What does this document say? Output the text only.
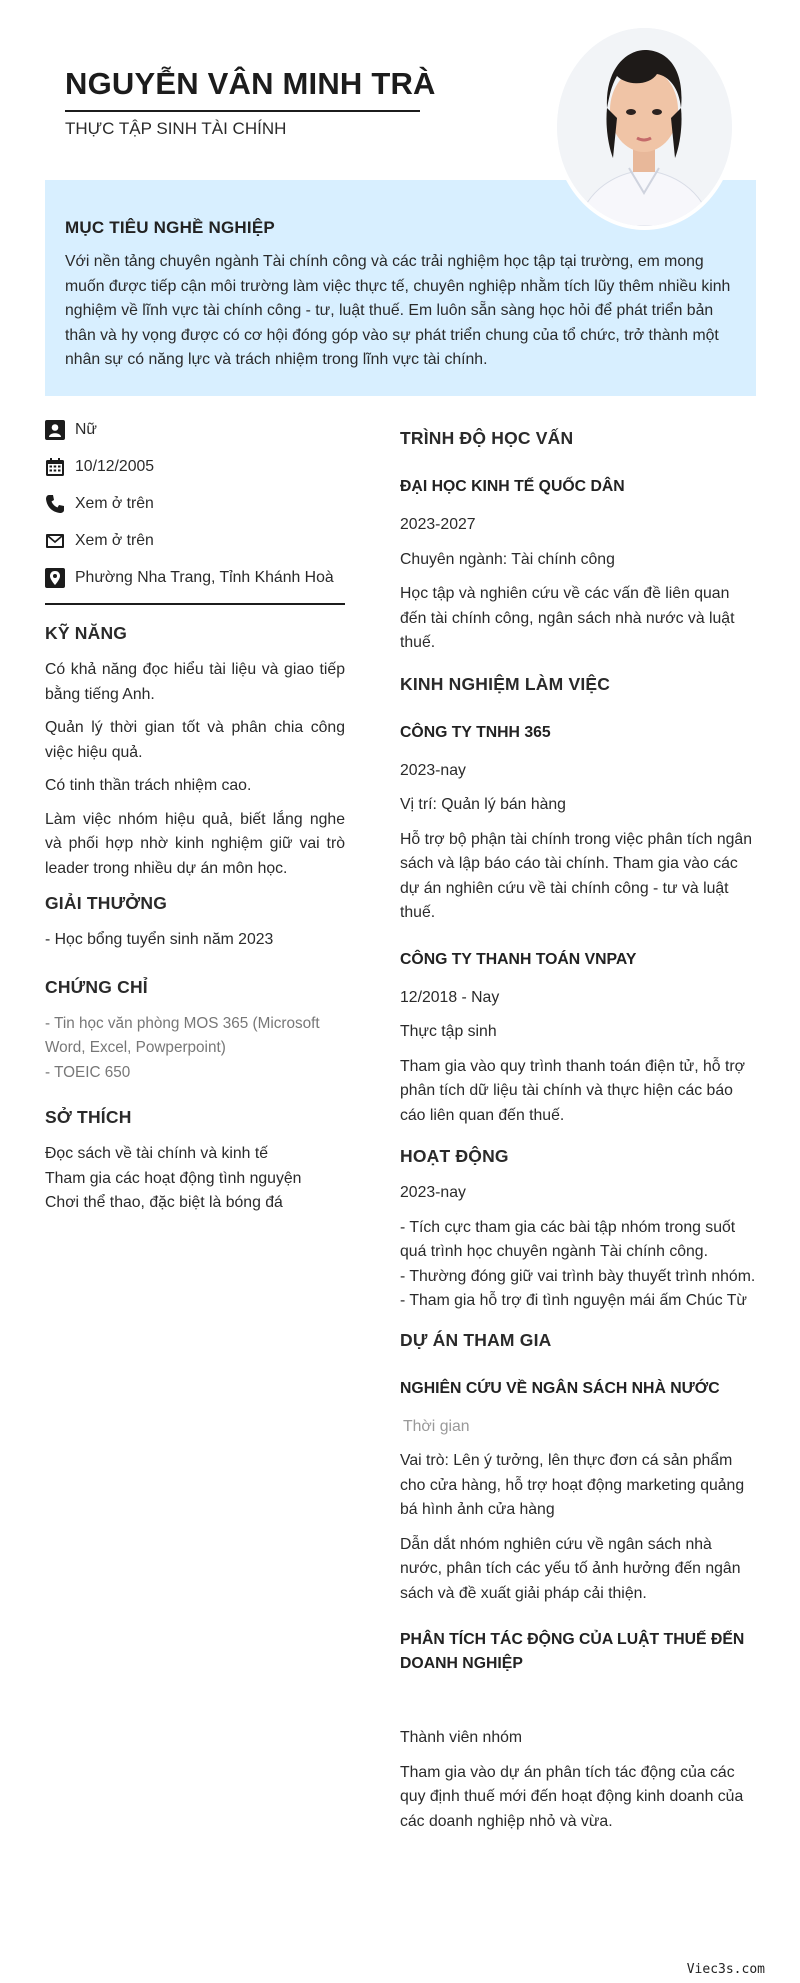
NGUYỄN VÂN MINH TRÀ
THỰC TẬP SINH TÀI CHÍNH
MỤC TIÊU NGHỀ NGHIỆP

Với nền tảng chuyên ngành Tài chính công và các trải nghiệm học tập tại trường, em mong muốn được tiếp cận môi trường làm việc thực tế, chuyên nghiệp nhằm tích lũy thêm nhiều kinh nghiệm về lĩnh vực tài chính công - tư, luật thuế. Em luôn sẵn sàng học hỏi để phát triển bản thân và hy vọng được có cơ hội đóng góp vào sự phát triển chung của tổ chức, trở thành một nhân sự có năng lực và trách nhiệm trong lĩnh vực tài chính.

Nữ
10/12/2005
Xem ở trên
Xem ở trên
Phường Nha Trang, Tỉnh Khánh Hoà
KỸ NĂNG

Có khả năng đọc hiểu tài liệu và giao tiếp bằng tiếng Anh.

Quản lý thời gian tốt và phân chia công việc hiệu quả.

Có tinh thần trách nhiệm cao.

Làm việc nhóm hiệu quả, biết lắng nghe và phối hợp nhờ kinh nghiệm giữ vai trò leader trong nhiều dự án môn học.

GIẢI THƯỞNG

- Học bổng tuyển sinh năm 2023

CHỨNG CHỈ

- Tin học văn phòng MOS 365 (Microsoft Word, Excel, Powperpoint)

- TOEIC 650

SỞ THÍCH

Đọc sách về tài chính và kinh tế

Tham gia các hoạt động tình nguyện

Chơi thể thao, đặc biệt là bóng đá

TRÌNH ĐỘ HỌC VẤN
ĐẠI HỌC KINH TẾ QUỐC DÂN

2023-2027

Chuyên ngành: Tài chính công

Học tập và nghiên cứu về các vấn đề liên quan đến tài chính công, ngân sách nhà nước và luật thuế.

KINH NGHIỆM LÀM VIỆC
CÔNG TY TNHH 365

2023-nay

Vị trí: Quản lý bán hàng

Hỗ trợ bộ phận tài chính trong việc phân tích ngân sách và lập báo cáo tài chính. Tham gia vào các dự án nghiên cứu về tài chính công - tư và luật thuế.

CÔNG TY THANH TOÁN VNPAY

12/2018 - Nay

Thực tập sinh

Tham gia vào quy trình thanh toán điện tử, hỗ trợ phân tích dữ liệu tài chính và thực hiện các báo cáo liên quan đến thuế.

HOẠT ĐỘNG

2023-nay

- Tích cực tham gia các bài tập nhóm trong suốt quá trình học chuyên ngành Tài chính công.

- Thường đóng giữ vai trình bày thuyết trình nhóm.

- Tham gia hỗ trợ đi tình nguyện mái ấm Chúc Từ

DỰ ÁN THAM GIA
NGHIÊN CỨU VỀ NGÂN SÁCH NHÀ NƯỚC

Thời gian

Vai trò: Lên ý tưởng, lên thực đơn cá sản phẩm cho cửa hàng, hỗ trợ hoạt động marketing quảng bá hình ảnh cửa hàng

Dẫn dắt nhóm nghiên cứu về ngân sách nhà nước, phân tích các yếu tố ảnh hưởng đến ngân sách và đề xuất giải pháp cải thiện.

PHÂN TÍCH TÁC ĐỘNG CỦA LUẬT THUẾ ĐẾN DOANH NGHIỆP

Thành viên nhóm

Tham gia vào dự án phân tích tác động của các quy định thuế mới đến hoạt động kinh doanh của các doanh nghiệp nhỏ và vừa.

Viec3s.com
